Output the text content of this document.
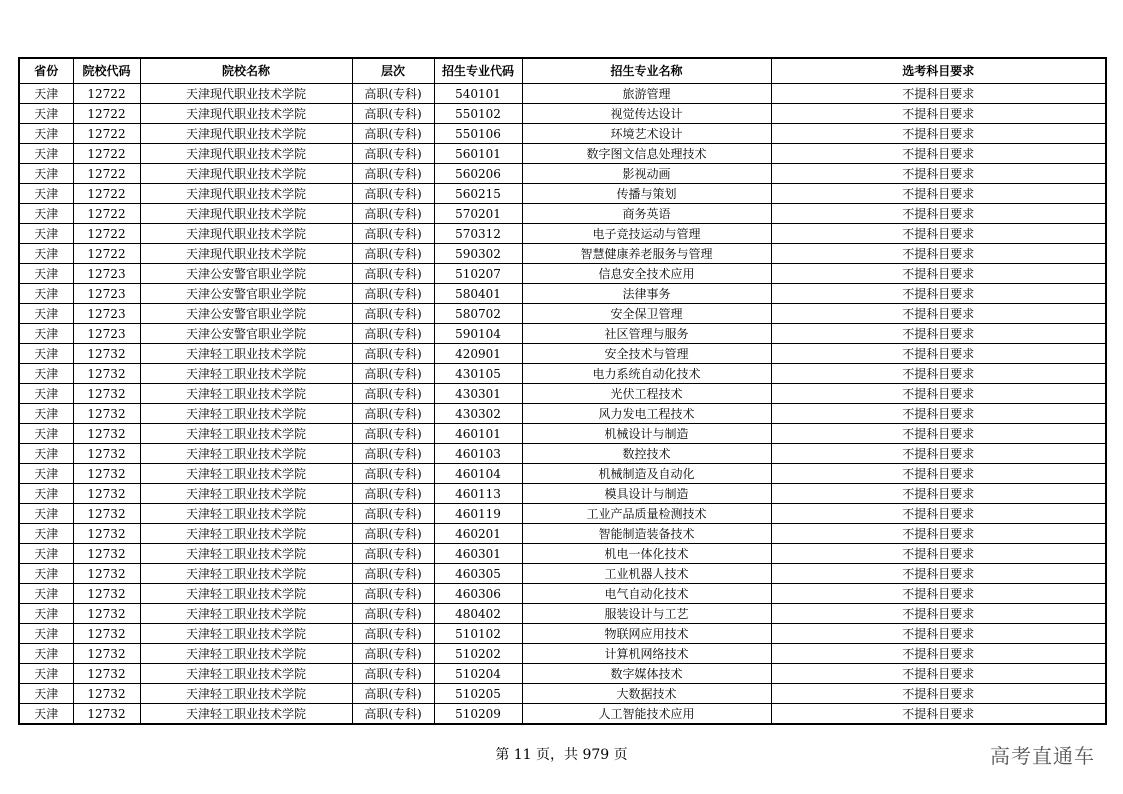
省份	院校代码	院校名称	层次	招生专业代码	招生专业名称	选考科目要求
天津	12722	天津现代职业技术学院	高职(专科)	540101	旅游管理	不提科目要求
天津	12722	天津现代职业技术学院	高职(专科)	550102	视觉传达设计	不提科目要求
天津	12722	天津现代职业技术学院	高职(专科)	550106	环境艺术设计	不提科目要求
天津	12722	天津现代职业技术学院	高职(专科)	560101	数字图文信息处理技术	不提科目要求
天津	12722	天津现代职业技术学院	高职(专科)	560206	影视动画	不提科目要求
天津	12722	天津现代职业技术学院	高职(专科)	560215	传播与策划	不提科目要求
天津	12722	天津现代职业技术学院	高职(专科)	570201	商务英语	不提科目要求
天津	12722	天津现代职业技术学院	高职(专科)	570312	电子竞技运动与管理	不提科目要求
天津	12722	天津现代职业技术学院	高职(专科)	590302	智慧健康养老服务与管理	不提科目要求
天津	12723	天津公安警官职业学院	高职(专科)	510207	信息安全技术应用	不提科目要求
天津	12723	天津公安警官职业学院	高职(专科)	580401	法律事务	不提科目要求
天津	12723	天津公安警官职业学院	高职(专科)	580702	安全保卫管理	不提科目要求
天津	12723	天津公安警官职业学院	高职(专科)	590104	社区管理与服务	不提科目要求
天津	12732	天津轻工职业技术学院	高职(专科)	420901	安全技术与管理	不提科目要求
天津	12732	天津轻工职业技术学院	高职(专科)	430105	电力系统自动化技术	不提科目要求
天津	12732	天津轻工职业技术学院	高职(专科)	430301	光伏工程技术	不提科目要求
天津	12732	天津轻工职业技术学院	高职(专科)	430302	风力发电工程技术	不提科目要求
天津	12732	天津轻工职业技术学院	高职(专科)	460101	机械设计与制造	不提科目要求
天津	12732	天津轻工职业技术学院	高职(专科)	460103	数控技术	不提科目要求
天津	12732	天津轻工职业技术学院	高职(专科)	460104	机械制造及自动化	不提科目要求
天津	12732	天津轻工职业技术学院	高职(专科)	460113	模具设计与制造	不提科目要求
天津	12732	天津轻工职业技术学院	高职(专科)	460119	工业产品质量检测技术	不提科目要求
天津	12732	天津轻工职业技术学院	高职(专科)	460201	智能制造装备技术	不提科目要求
天津	12732	天津轻工职业技术学院	高职(专科)	460301	机电一体化技术	不提科目要求
天津	12732	天津轻工职业技术学院	高职(专科)	460305	工业机器人技术	不提科目要求
天津	12732	天津轻工职业技术学院	高职(专科)	460306	电气自动化技术	不提科目要求
天津	12732	天津轻工职业技术学院	高职(专科)	480402	服装设计与工艺	不提科目要求
天津	12732	天津轻工职业技术学院	高职(专科)	510102	物联网应用技术	不提科目要求
天津	12732	天津轻工职业技术学院	高职(专科)	510202	计算机网络技术	不提科目要求
天津	12732	天津轻工职业技术学院	高职(专科)	510204	数字媒体技术	不提科目要求
天津	12732	天津轻工职业技术学院	高职(专科)	510205	大数据技术	不提科目要求
天津	12732	天津轻工职业技术学院	高职(专科)	510209	人工智能技术应用	不提科目要求
第 11 页，共 979 页	高考直通车
